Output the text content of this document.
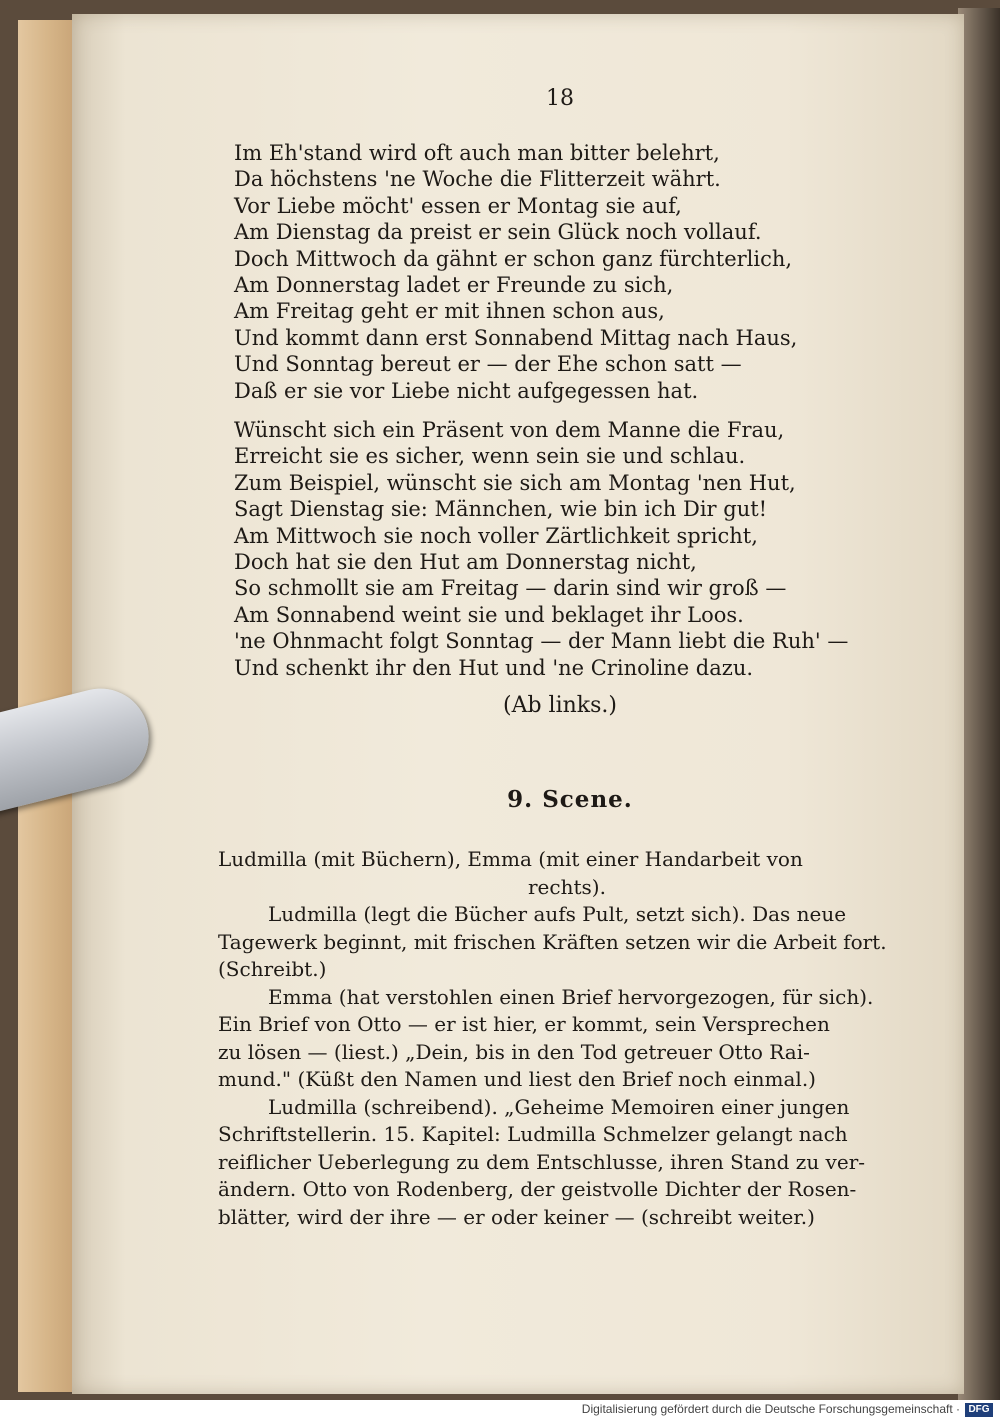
18
Im Eh'stand wird oft auch man bitter belehrt,
Da höchstens 'ne Woche die Flitterzeit währt.
Vor Liebe möcht' essen er Montag sie auf,
Am Dienstag da preist er sein Glück noch vollauf.
Doch Mittwoch da gähnt er schon ganz fürchterlich,
Am Donnerstag ladet er Freunde zu sich,
Am Freitag geht er mit ihnen schon aus,
Und kommt dann erst Sonnabend Mittag nach Haus,
Und Sonntag bereut er — der Ehe schon satt —
Daß er sie vor Liebe nicht aufgegessen hat.
Wünscht sich ein Präsent von dem Manne die Frau,
Erreicht sie es sicher, wenn sein sie und schlau.
Zum Beispiel, wünscht sie sich am Montag 'nen Hut,
Sagt Dienstag sie: Männchen, wie bin ich Dir gut!
Am Mittwoch sie noch voller Zärtlichkeit spricht,
Doch hat sie den Hut am Donnerstag nicht,
So schmollt sie am Freitag — darin sind wir groß —
Am Sonnabend weint sie und beklaget ihr Loos.
'ne Ohnmacht folgt Sonntag — der Mann liebt die Ruh' —
Und schenkt ihr den Hut und 'ne Crinoline dazu.
(Ab links.)
9. Scene.
Ludmilla (mit Büchern), Emma (mit einer Handarbeit von
rechts).
Ludmilla (legt die Bücher aufs Pult, setzt sich). Das neue
Tagewerk beginnt, mit frischen Kräften setzen wir die Arbeit fort.
(Schreibt.)
Emma (hat verstohlen einen Brief hervorgezogen, für sich).
Ein Brief von Otto — er ist hier, er kommt, sein Versprechen
zu lösen — (liest.) „Dein, bis in den Tod getreuer Otto Rai-
mund." (Küßt den Namen und liest den Brief noch einmal.)
Ludmilla (schreibend). „Geheime Memoiren einer jungen
Schriftstellerin. 15. Kapitel: Ludmilla Schmelzer gelangt nach
reiflicher Ueberlegung zu dem Entschlusse, ihren Stand zu ver-
ändern. Otto von Rodenberg, der geistvolle Dichter der Rosen-
blätter, wird der ihre — er oder keiner — (schreibt weiter.)
Digitalisierung gefördert durch die Deutsche Forschungsgemeinschaft · DFG
